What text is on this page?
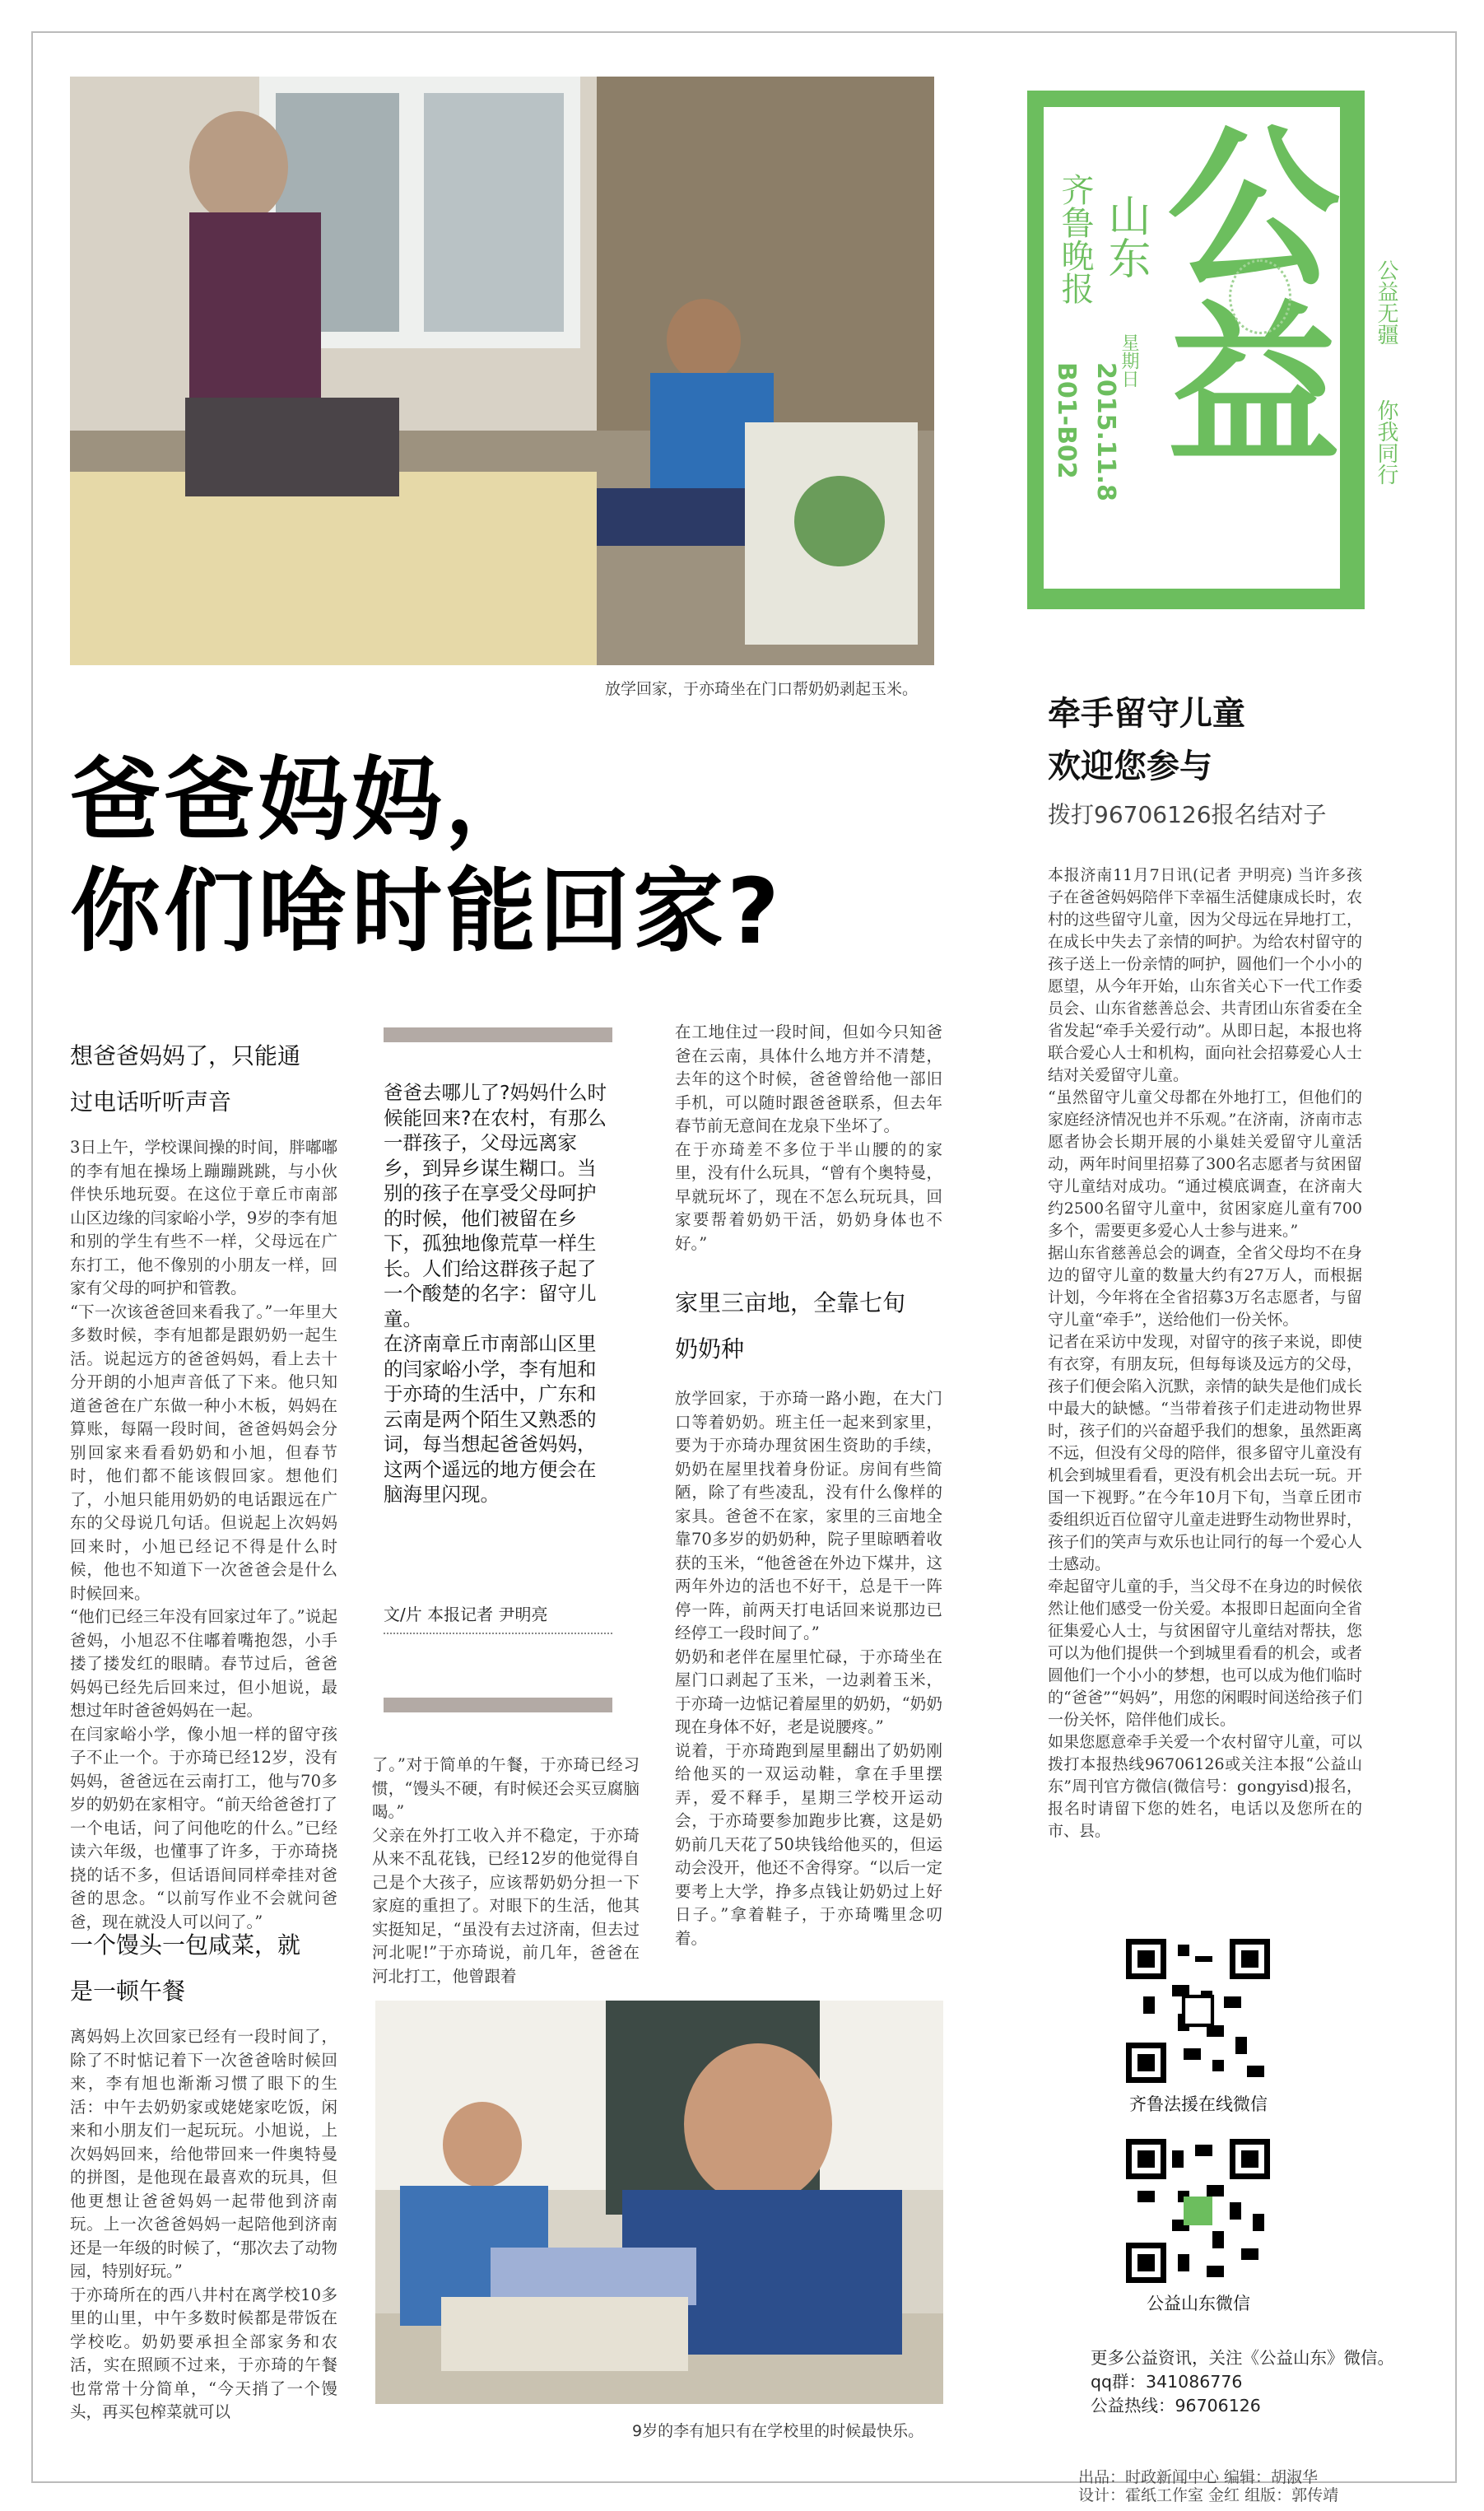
放学回家，于亦琦坐在门口帮奶奶剥起玉米。
公
益
齐鲁晚报 山东
星期日
2015.11.8
B01-B02
公益无疆
你我同行
爸爸妈妈，
你们啥时能回家?
想爸爸妈妈了，只能通
过电话听听声音
3日上午，学校课间操的时间，胖嘟嘟的李有旭在操场上蹦蹦跳跳，与小伙伴快乐地玩耍。在这位于章丘市南部山区边缘的闫家峪小学，9岁的李有旭和别的学生有些不一样，父母远在广东打工，他不像别的小朋友一样，回家有父母的呵护和管教。
“下一次该爸爸回来看我了。”一年里大多数时候，李有旭都是跟奶奶一起生活。说起远方的爸爸妈妈，看上去十分开朗的小旭声音低了下来。他只知道爸爸在广东做一种小木板，妈妈在算账，每隔一段时间，爸爸妈妈会分别回家来看看奶奶和小旭，但春节时，他们都不能该假回家。想他们了，小旭只能用奶奶的电话跟远在广东的父母说几句话。但说起上次妈妈回来时，小旭已经记不得是什么时候，他也不知道下一次爸爸会是什么时候回来。
“他们已经三年没有回家过年了。”说起爸妈，小旭忍不住嘟着嘴抱怨，小手搂了搂发红的眼睛。春节过后，爸爸妈妈已经先后回来过，但小旭说，最想过年时爸爸妈妈在一起。
在闫家峪小学，像小旭一样的留守孩子不止一个。于亦琦已经12岁，没有妈妈，爸爸远在云南打工，他与70多岁的奶奶在家相守。“前天给爸爸打了一个电话，问了问他吃的什么。”已经读六年级，也懂事了许多，于亦琦挠挠的话不多，但话语间同样牵挂对爸爸的思念。“以前写作业不会就问爸爸，现在就没人可以问了。”
一个馒头一包咸菜，就
是一顿午餐
离妈妈上次回家已经有一段时间了，除了不时惦记着下一次爸爸啥时候回来，李有旭也渐渐习惯了眼下的生活：中午去奶奶家或姥姥家吃饭，闲来和小朋友们一起玩玩。小旭说，上次妈妈回来，给他带回来一件奥特曼的拼图，是他现在最喜欢的玩具，但他更想让爸爸妈妈一起带他到济南玩。上一次爸爸妈妈一起陪他到济南还是一年级的时候了，“那次去了动物园，特别好玩。”
于亦琦所在的西八井村在离学校10多里的山里，中午多数时候都是带饭在学校吃。奶奶要承担全部家务和农活，实在照顾不过来，于亦琦的午餐也常常十分简单，“今天捎了一个馒头，再买包榨菜就可以
爸爸去哪儿了?妈妈什么时候能回来?在农村，有那么一群孩子，父母远离家乡，到异乡谋生糊口。当别的孩子在享受父母呵护的时候，他们被留在乡下，孤独地像荒草一样生长。人们给这群孩子起了一个酸楚的名字：留守儿童。
在济南章丘市南部山区里的闫家峪小学，李有旭和于亦琦的生活中，广东和云南是两个陌生又熟悉的词，每当想起爸爸妈妈，这两个遥远的地方便会在脑海里闪现。
文/片 本报记者 尹明亮
了。”对于简单的午餐，于亦琦已经习惯，“馒头不硬，有时候还会买豆腐脑喝。”
父亲在外打工收入并不稳定，于亦琦从来不乱花钱，已经12岁的他觉得自己是个大孩子，应该帮奶奶分担一下家庭的重担了。对眼下的生活，他其实挺知足，“虽没有去过济南，但去过河北呢!”于亦琦说，前几年，爸爸在河北打工，他曾跟着
在工地住过一段时间，但如今只知爸爸在云南，具体什么地方并不清楚，去年的这个时候，爸爸曾给他一部旧手机，可以随时跟爸爸联系，但去年春节前无意间在龙泉下坐坏了。
在于亦琦差不多位于半山腰的的家里，没有什么玩具，“曾有个奥特曼，早就玩坏了，现在不怎么玩玩具，回家要帮着奶奶干活，奶奶身体也不好。”
家里三亩地，全靠七旬
奶奶种
放学回家，于亦琦一路小跑，在大门口等着奶奶。班主任一起来到家里，要为于亦琦办理贫困生资助的手续，奶奶在屋里找着身份证。房间有些简陋，除了有些凌乱，没有什么像样的家具。爸爸不在家，家里的三亩地全靠70多岁的奶奶种，院子里晾晒着收获的玉米，“他爸爸在外边下煤井，这两年外边的活也不好干，总是干一阵停一阵，前两天打电话回来说那边已经停工一段时间了。”
奶奶和老伴在屋里忙碌，于亦琦坐在屋门口剥起了玉米，一边剥着玉米，于亦琦一边惦记着屋里的奶奶，“奶奶现在身体不好，老是说腰疼。”
说着，于亦琦跑到屋里翻出了奶奶刚给他买的一双运动鞋，拿在手里摆弄，爱不释手，星期三学校开运动会，于亦琦要参加跑步比赛，这是奶奶前几天花了50块钱给他买的，但运动会没开，他还不舍得穿。“以后一定要考上大学，挣多点钱让奶奶过上好日子。”拿着鞋子，于亦琦嘴里念叨着。
9岁的李有旭只有在学校里的时候最快乐。
牵手留守儿童
欢迎您参与
拨打96706126报名结对子
本报济南11月7日讯(记者 尹明亮) 当许多孩子在爸爸妈妈陪伴下幸福生活健康成长时，农村的这些留守儿童，因为父母远在异地打工，在成长中失去了亲情的呵护。为给农村留守的孩子送上一份亲情的呵护，圆他们一个小小的愿望，从今年开始，山东省关心下一代工作委员会、山东省慈善总会、共青团山东省委在全省发起“牵手关爱行动”。从即日起，本报也将联合爱心人士和机构，面向社会招募爱心人士结对关爱留守儿童。
“虽然留守儿童父母都在外地打工，但他们的家庭经济情况也并不乐观。”在济南，济南市志愿者协会长期开展的小巢娃关爱留守儿童活动，两年时间里招募了300名志愿者与贫困留守儿童结对成功。“通过模底调查，在济南大约2500名留守儿童中，贫困家庭儿童有700多个，需要更多爱心人士参与进来。”
据山东省慈善总会的调查，全省父母均不在身边的留守儿童的数量大约有27万人，而根据计划，今年将在全省招募3万名志愿者，与留守儿童“牵手”，送给他们一份关怀。
记者在采访中发现，对留守的孩子来说，即使有衣穿，有朋友玩，但每每谈及远方的父母，孩子们便会陷入沉默，亲情的缺失是他们成长中最大的缺憾。“当带着孩子们走进动物世界时，孩子们的兴奋超乎我们的想象，虽然距离不远，但没有父母的陪伴，很多留守儿童没有机会到城里看看，更没有机会出去玩一玩。开国一下视野。”在今年10月下旬，当章丘团市委组织近百位留守儿童走进野生动物世界时，孩子们的笑声与欢乐也让同行的每一个爱心人士感动。
牵起留守儿童的手，当父母不在身边的时候依然让他们感受一份关爱。本报即日起面向全省征集爱心人士，与贫困留守儿童结对帮扶，您可以为他们提供一个到城里看看的机会，或者圆他们一个小小的梦想，也可以成为他们临时的“爸爸”“妈妈”，用您的闲暇时间送给孩子们一份关怀，陪伴他们成长。
如果您愿意牵手关爱一个农村留守儿童，可以拨打本报热线96706126或关注本报“公益山东”周刊官方微信(微信号：gongyisd)报名，报名时请留下您的姓名，电话以及您所在的市、县。
齐鲁法援在线微信
公益山东微信
更多公益资讯，关注《公益山东》微信。
qq群：341086776
公益热线：96706126
出品：时政新闻中心 编辑：胡淑华
设计：霍纸工作室 金红 组版：郭传靖
